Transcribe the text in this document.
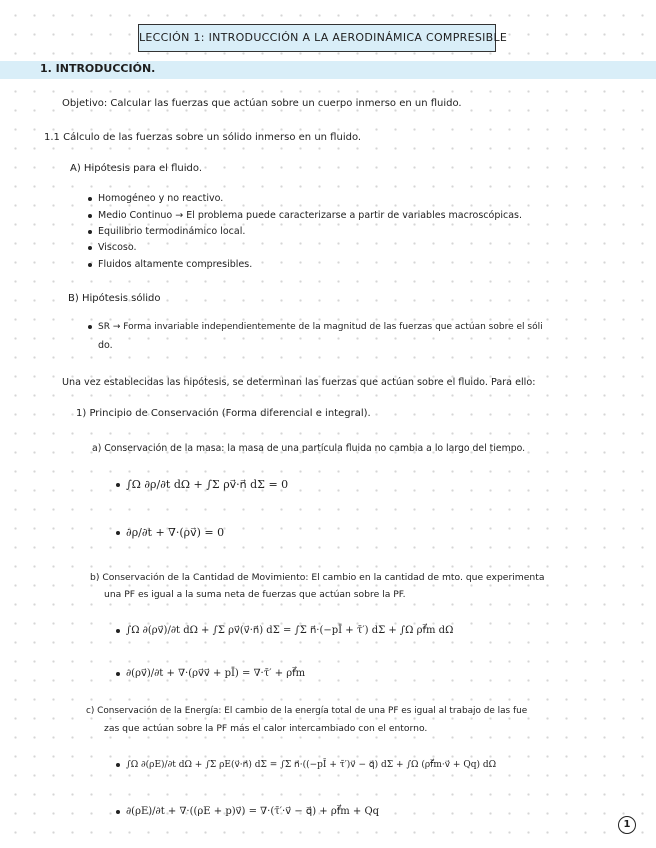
LECCIÓN 1: INTRODUCCIÓN A LA AERODINÁMICA COMPRESIBLE
1. INTRODUCCIÓN.
Objetivo: Calcular las fuerzas que actúan sobre un cuerpo inmerso en un fluido.
1.1 Cálculo de las fuerzas sobre un sólido inmerso en un fluido.
A) Hipótesis para el fluido.
Homogéneo y no reactivo.
Medio Continuo → El problema puede caracterizarse a partir de variables macroscópicas.
Equilibrio termodinámico local.
Viscoso.
Fluidos altamente compresibles.
B) Hipótesis sólido
SR → Forma invariable independientemente de la magnitud de las fuerzas que actúan sobre el sóli
do.
Una vez establecidas las hipótesis, se determinan las fuerzas que actúan sobre el fluido. Para ello:
1) Principio de Conservación (Forma diferencial e integral).
a) Conservación de la masa: la masa de una partícula fluida no cambia a lo largo del tiempo.
∫Ω ∂ρ/∂t dΩ + ∫Σ ρv⃗·n⃗ dΣ = 0
∂ρ/∂t + ∇·(ρv⃗) = 0
b) Conservación de la Cantidad de Movimiento: El cambio en la cantidad de mto. que experimenta
una PF es igual a la suma neta de fuerzas que actúan sobre la PF.
∫Ω ∂(ρv⃗)/∂t dΩ + ∫Σ ρv⃗(v⃗·n⃗) dΣ = ∫Σ n⃗·(−pĪ + τ̄′) dΣ + ∫Ω ρf⃗m dΩ
∂(ρv⃗)/∂t + ∇·(ρv⃗v⃗ + pĪ) = ∇·τ̄′ + ρf⃗m
c) Conservación de la Energía: El cambio de la energía total de una PF es igual al trabajo de las fue
zas que actúan sobre la PF más el calor intercambiado con el entorno.
∫Ω ∂(ρE)/∂t dΩ + ∫Σ ρE(v⃗·n⃗) dΣ = ∫Σ n⃗·((−pĪ + τ̄′)v⃗ − q⃗) dΣ + ∫Ω (ρf⃗m·v⃗ + Qq) dΩ
∂(ρE)/∂t + ∇·((ρE + p)v⃗) = ∇·(τ̄′·v⃗ − q⃗) + ρf⃗m + Qq
1
